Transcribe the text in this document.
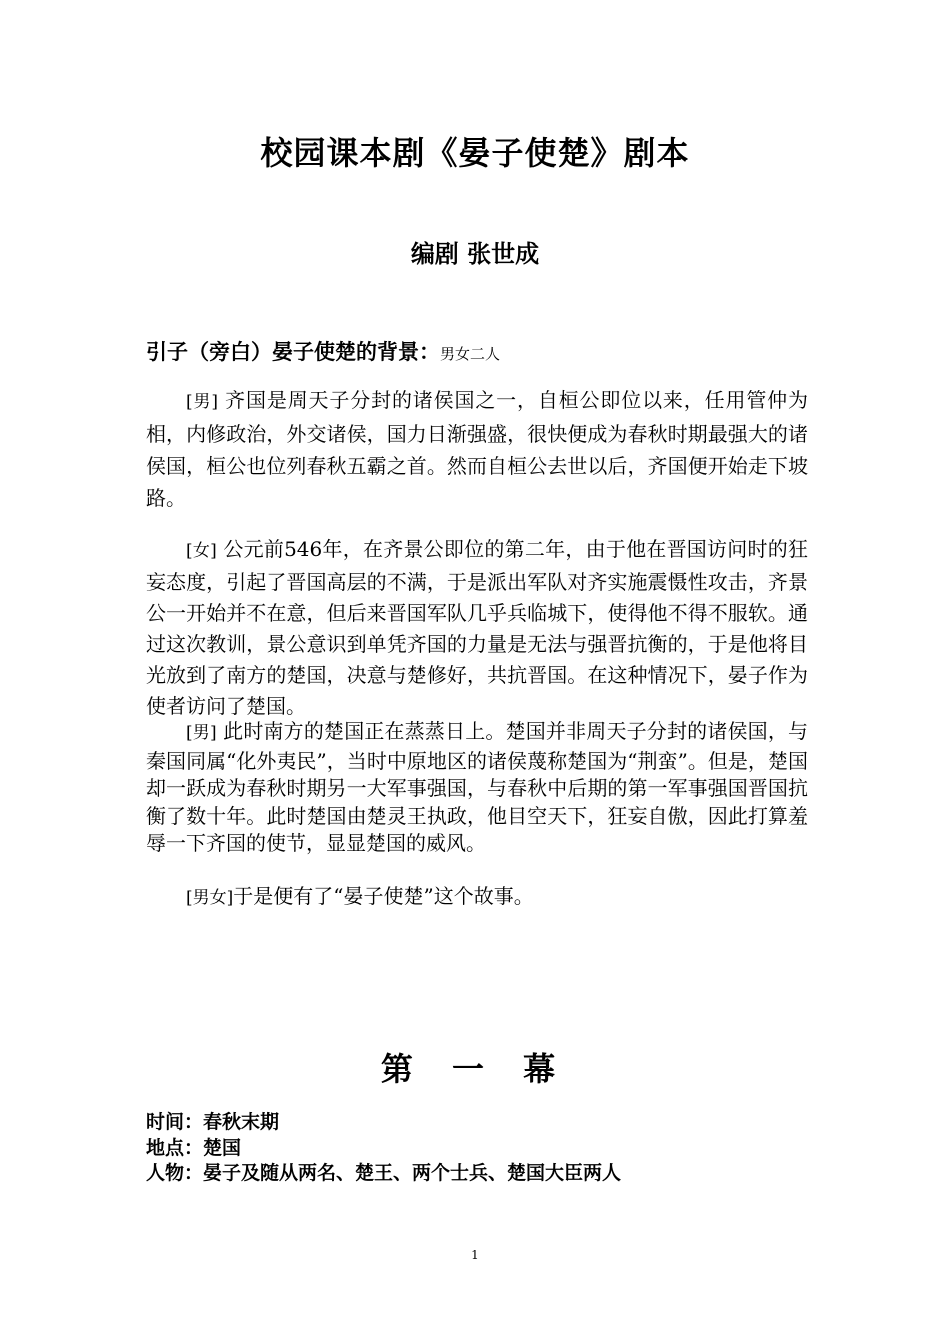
校园课本剧《晏子使楚》剧本
编剧 张世成
引子（旁白）晏子使楚的背景：男女二人

[男] 齐国是周天子分封的诸侯国之一，自桓公即位以来，任用管仲为相，内修政治，外交诸侯，国力日渐强盛，很快便成为春秋时期最强大的诸侯国，桓公也位列春秋五霸之首。然而自桓公去世以后，齐国便开始走下坡路。

[女] 公元前546年，在齐景公即位的第二年，由于他在晋国访问时的狂妄态度，引起了晋国高层的不满，于是派出军队对齐实施震慑性攻击，齐景公一开始并不在意，但后来晋国军队几乎兵临城下，使得他不得不服软。通过这次教训，景公意识到单凭齐国的力量是无法与强晋抗衡的，于是他将目光放到了南方的楚国，决意与楚修好，共抗晋国。在这种情况下，晏子作为使者访问了楚国。

[男] 此时南方的楚国正在蒸蒸日上。楚国并非周天子分封的诸侯国，与秦国同属“化外夷民”，当时中原地区的诸侯蔑称楚国为“荆蛮”。但是，楚国却一跃成为春秋时期另一大军事强国，与春秋中后期的第一军事强国晋国抗衡了数十年。此时楚国由楚灵王执政，他目空天下，狂妄自傲，因此打算羞辱一下齐国的使节，显显楚国的威风。

[男女]于是便有了“晏子使楚”这个故事。

第 一 幕
时间：春秋末期
地点：楚国
人物：晏子及随从两名、楚王、两个士兵、楚国大臣两人
1
